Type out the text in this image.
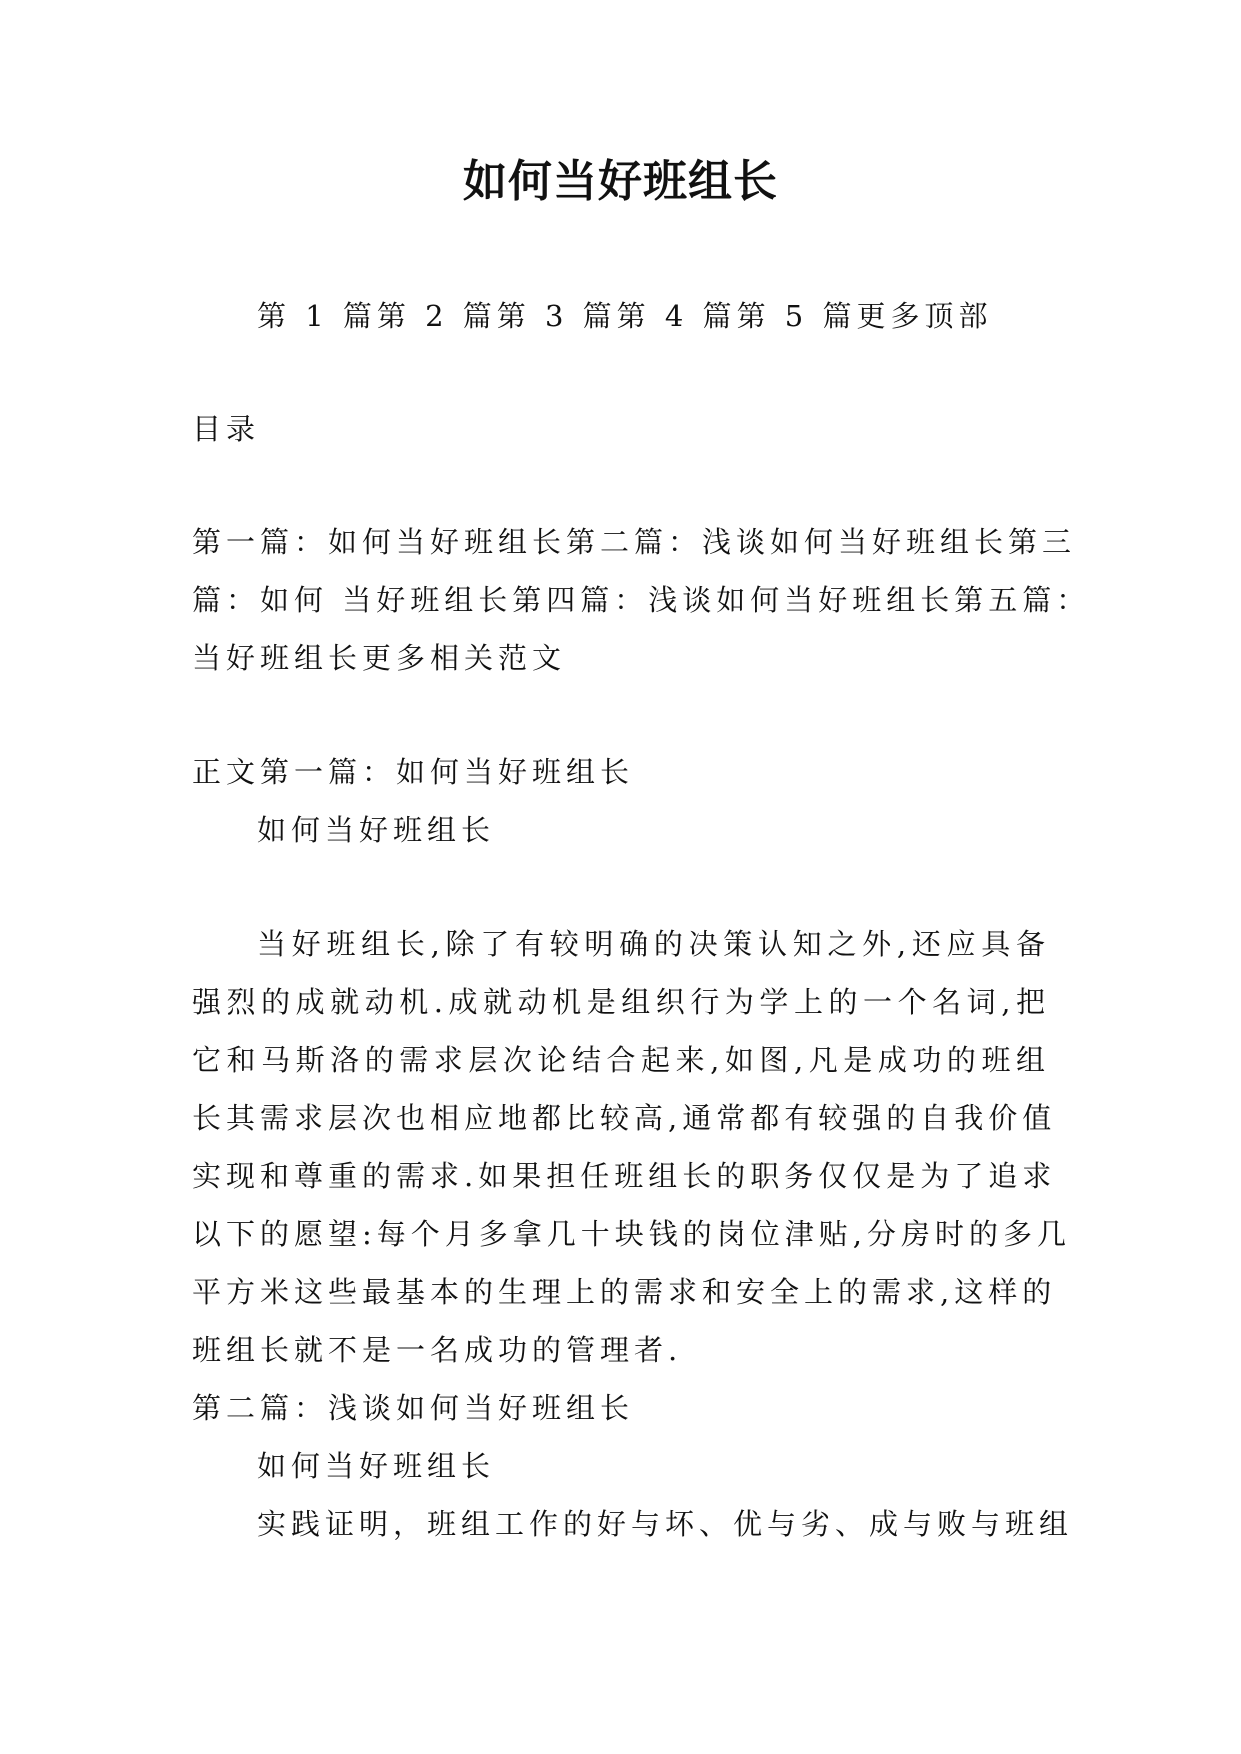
如何当好班组长
第 1 篇第 2 篇第 3 篇第 4 篇第 5 篇更多顶部
目录
第一篇：如何当好班组长第二篇：浅谈如何当好班组长第三
篇：如何 当好班组长第四篇：浅谈如何当好班组长第五篇：
当好班组长更多相关范文
正文第一篇：如何当好班组长
如何当好班组长
当好班组长,除了有较明确的决策认知之外,还应具备
强烈的成就动机.成就动机是组织行为学上的一个名词,把
它和马斯洛的需求层次论结合起来,如图,凡是成功的班组
长其需求层次也相应地都比较高,通常都有较强的自我价值
实现和尊重的需求.如果担任班组长的职务仅仅是为了追求
以下的愿望:每个月多拿几十块钱的岗位津贴,分房时的多几
平方米这些最基本的生理上的需求和安全上的需求,这样的
班组长就不是一名成功的管理者.
第二篇：浅谈如何当好班组长
如何当好班组长
实践证明，班组工作的好与坏、优与劣、成与败与班组
